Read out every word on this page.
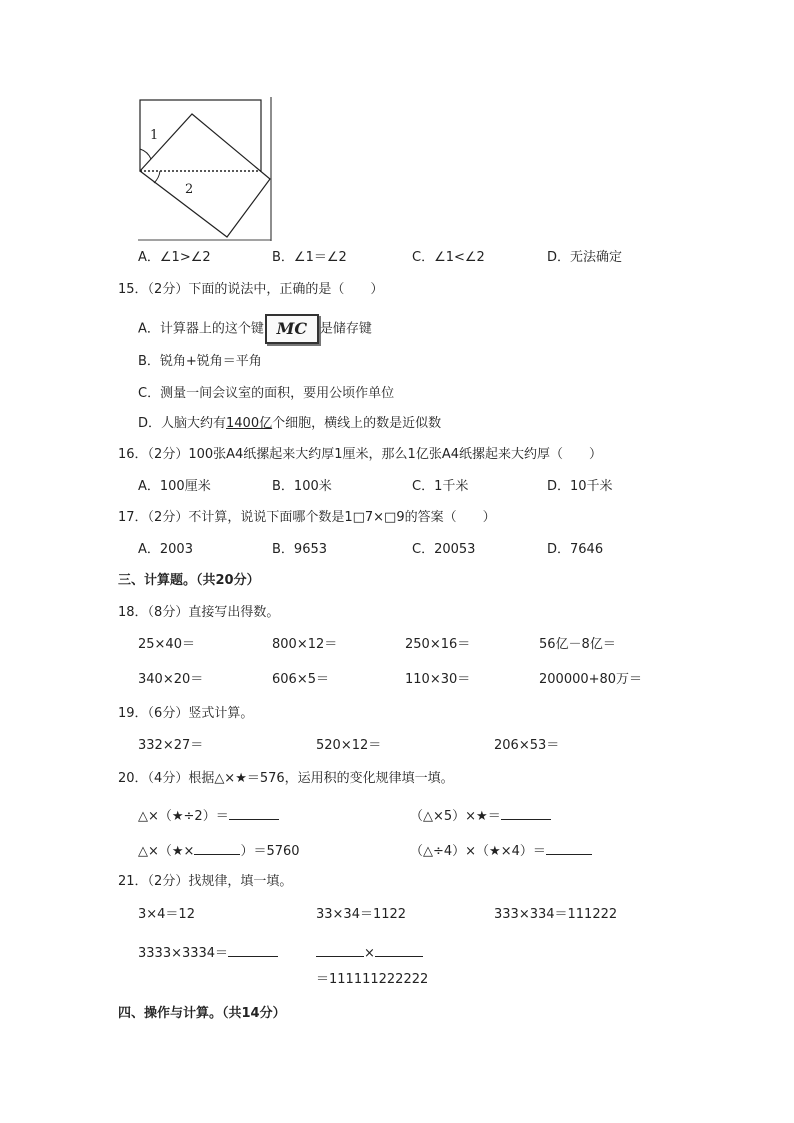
1
2
A．∠1>∠2	B．∠1＝∠2	C．∠1<∠2	D．无法确定
15．（2分）下面的说法中，正确的是（　　）
A．计算器上的这个键 MC 是储存键
B．锐角+锐角＝平角
C．测量一间会议室的面积，要用公顷作单位
D．人脑大约有1400亿个细胞，横线上的数是近似数
16．（2分）100张A4纸摞起来大约厚1厘米，那么1亿张A4纸摞起来大约厚（　　）
A．100厘米	B．100米	C．1千米	D．10千米
17．（2分）不计算，说说下面哪个数是1□7×□9的答案（　　）
A．2003	B．9653	C．20053	D．7646
三、计算题。（共20分）
18．（8分）直接写出得数。
25×40＝	800×12＝	250×16＝	56亿－8亿＝
340×20＝	606×5＝	110×30＝	200000+80万＝
19．（6分）竖式计算。
332×27＝	520×12＝	206×53＝
20．（4分）根据△×★＝576，运用积的变化规律填一填。
△×（★÷2）＝	（△×5）×★＝
△×（★×	）＝5760	（△÷4）×（★×4）＝
21．（2分）找规律，填一填。
3×4＝12	33×34＝1122	333×334＝111222
3333×3334＝	×
＝111111222222
四、操作与计算。（共14分）
